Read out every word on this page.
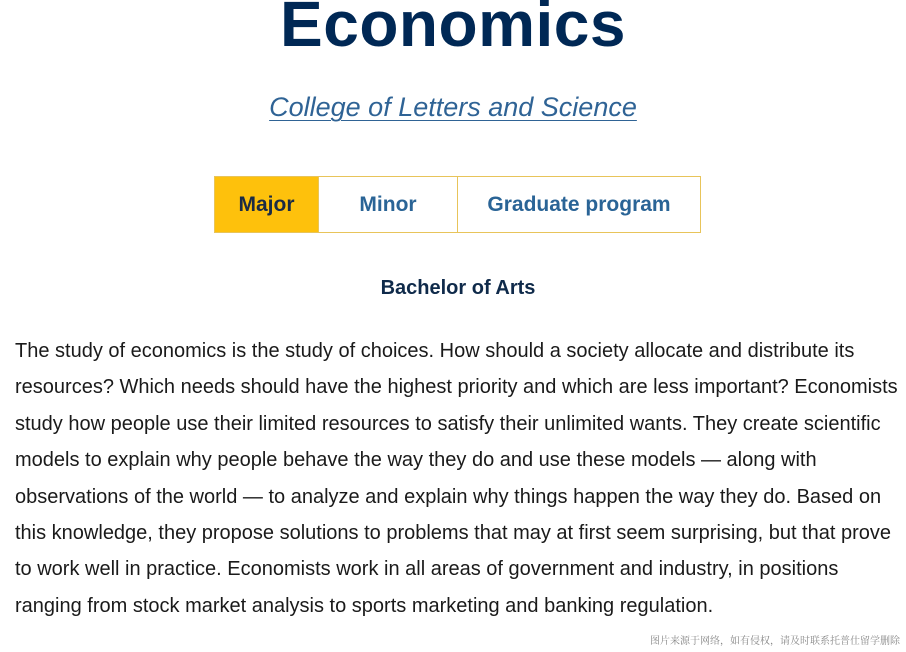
Economics
College of Letters and Science
Major	Minor	Graduate program
Bachelor of Arts

The study of economics is the study of choices. How should a society allocate and distribute its resources? Which needs should have the highest priority and which are less important? Economists study how people use their limited resources to satisfy their unlimited wants. They create scientific models to explain why people behave the way they do and use these models — along with observations of the world — to analyze and explain why things happen the way they do. Based on this knowledge, they propose solutions to problems that may at first seem surprising, but that prove to work well in practice. Economists work in all areas of government and industry, in positions ranging from stock market analysis to sports marketing and banking regulation.

图片来源于网络，如有侵权，请及时联系托普仕留学删除
